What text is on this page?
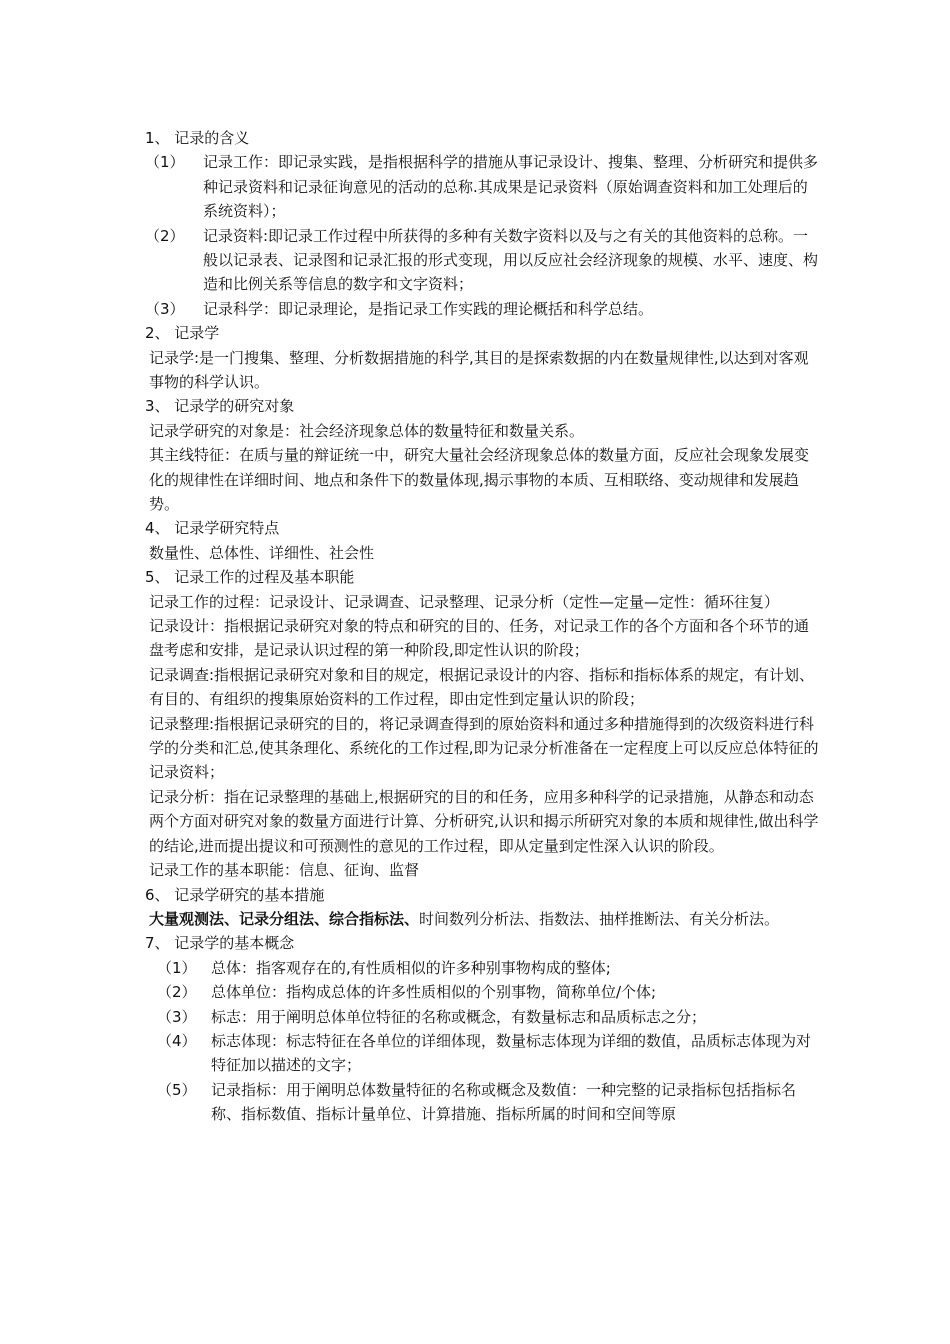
1、 记录的含义
（1）	记录工作：即记录实践，是指根据科学的措施从事记录设计、搜集、整理、分析研究和提供多种记录资料和记录征询意见的活动的总称.其成果是记录资料（原始调查资料和加工处理后的系统资料）；
（2）	记录资料:即记录工作过程中所获得的多种有关数字资料以及与之有关的其他资料的总称。一般以记录表、记录图和记录汇报的形式变现，用以反应社会经济现象的规模、水平、速度、构造和比例关系等信息的数字和文字资料；
（3）	记录科学：即记录理论，是指记录工作实践的理论概括和科学总结。
2、 记录学
记录学:是一门搜集、整理、分析数据措施的科学,其目的是探索数据的内在数量规律性,以达到对客观事物的科学认识。
3、 记录学的研究对象
记录学研究的对象是：社会经济现象总体的数量特征和数量关系。
其主线特征：在质与量的辩证统一中，研究大量社会经济现象总体的数量方面，反应社会现象发展变化的规律性在详细时间、地点和条件下的数量体现,揭示事物的本质、互相联络、变动规律和发展趋势。
4、 记录学研究特点
数量性、总体性、详细性、社会性
5、 记录工作的过程及基本职能
记录工作的过程：记录设计、记录调查、记录整理、记录分析（定性—定量—定性：循环往复）
记录设计：指根据记录研究对象的特点和研究的目的、任务，对记录工作的各个方面和各个环节的通盘考虑和安排，是记录认识过程的第一种阶段,即定性认识的阶段；
记录调查:指根据记录研究对象和目的规定，根据记录设计的内容、指标和指标体系的规定，有计划、有目的、有组织的搜集原始资料的工作过程，即由定性到定量认识的阶段；
记录整理:指根据记录研究的目的，将记录调查得到的原始资料和通过多种措施得到的次级资料进行科学的分类和汇总,使其条理化、系统化的工作过程,即为记录分析准备在一定程度上可以反应总体特征的记录资料；
记录分析：指在记录整理的基础上,根据研究的目的和任务，应用多种科学的记录措施，从静态和动态两个方面对研究对象的数量方面进行计算、分析研究,认识和揭示所研究对象的本质和规律性,做出科学的结论,进而提出提议和可预测性的意见的工作过程，即从定量到定性深入认识的阶段。
记录工作的基本职能：信息、征询、监督
6、 记录学研究的基本措施
大量观测法、记录分组法、综合指标法、时间数列分析法、指数法、抽样推断法、有关分析法。
7、 记录学的基本概念
（1） 总体：指客观存在的,有性质相似的许多种别事物构成的整体;
（2） 总体单位：指构成总体的许多性质相似的个别事物，简称单位/个体;
（3） 标志：用于阐明总体单位特征的名称或概念，有数量标志和品质标志之分；
（4） 标志体现：标志特征在各单位的详细体现，数量标志体现为详细的数值，品质标志体现为对特征加以描述的文字；
（5） 记录指标：用于阐明总体数量特征的名称或概念及数值：一种完整的记录指标包括指标名称、指标数值、指标计量单位、计算措施、指标所属的时间和空间等原
